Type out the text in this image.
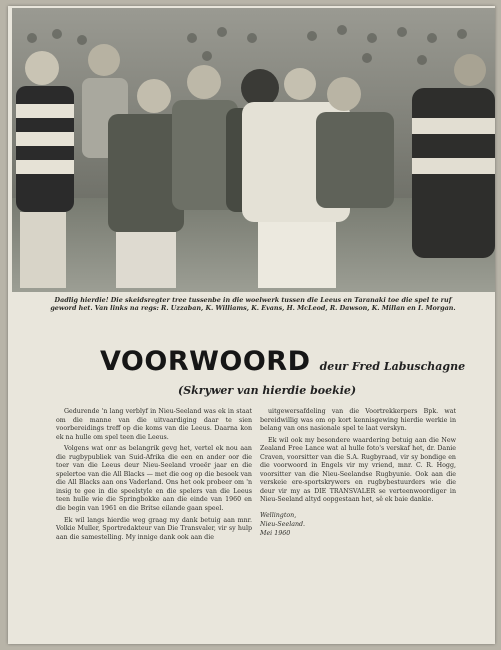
Dadlig hierdie! Die skeidsregter tree tussenbe in die woelwerk tussen die Leeus en Taranaki toe die spel te ruf geword het. Van links na regs: R. Uzzaban, K. Williams, K. Evans, H. McLeod, R. Dawson, K. Millan en I. Morgan.
VOORWOORD deur Fred Labuschagne
(Skrywer van hierdie boekie)

Gedurende 'n lang verblyf in Nieu-Seeland was ek in staat om die manne van die uitvaardiging daar te sien voorbereidings treff op die koms van die Leeus. Daarna kon ek na hulle om spel teen die Leeus.

Volgens wat onr as belangrik gevg het, vertel ek nou aan die rugbypubliek van Suid-Afrika die een en ander oor die toer van die Leeus deur Nieu-Seeland vroeër jaar en die spelertoe van die All Blacks — met die oog op die besoek van die All Blacks aan ons Vaderland. Ons het ook probeer om 'n insig te gee in die speelstyle en die spelers van die Leeus teen hulle wie die Springbokke aan die einde van 1960 en die begin van 1961 en die Britse eilande gaan speel.

Ek wil langs hierdie weg graag my dank betuig aan mnr. Volkie Muller, Sportredakteur van Die Transvaler, vir sy hulp aan die samestelling. My innige dank ook aan die

uitgewersafdeling van die Voortrekkerpers Bpk. wat bereidwillig was om op kort kennisgewing hierdie werkie in belang van ons nasionale spel te laat verskyn.

Ek wil ook my besondere waardering betuig aan die New Zealand Free Lance wat al hulle foto's verskaf het, dr. Danie Craven, voorsitter van die S.A. Rugbyraad, vir sy bondige en die voorwoord in Engels vir my vriend, mnr. C. R. Hogg, voorsitter van die Nieu-Seelandse Rugbyunie. Ook aan die verskeie ere-sportskrywers en rugbybestuurders wie die deur vir my as DIE TRANSVALER se verteenwoordiger in Nieu-Seeland altyd oopgestaan het, sê ek baie dankie.

Wellington,
Nieu-Seeland.
Mei 1960
